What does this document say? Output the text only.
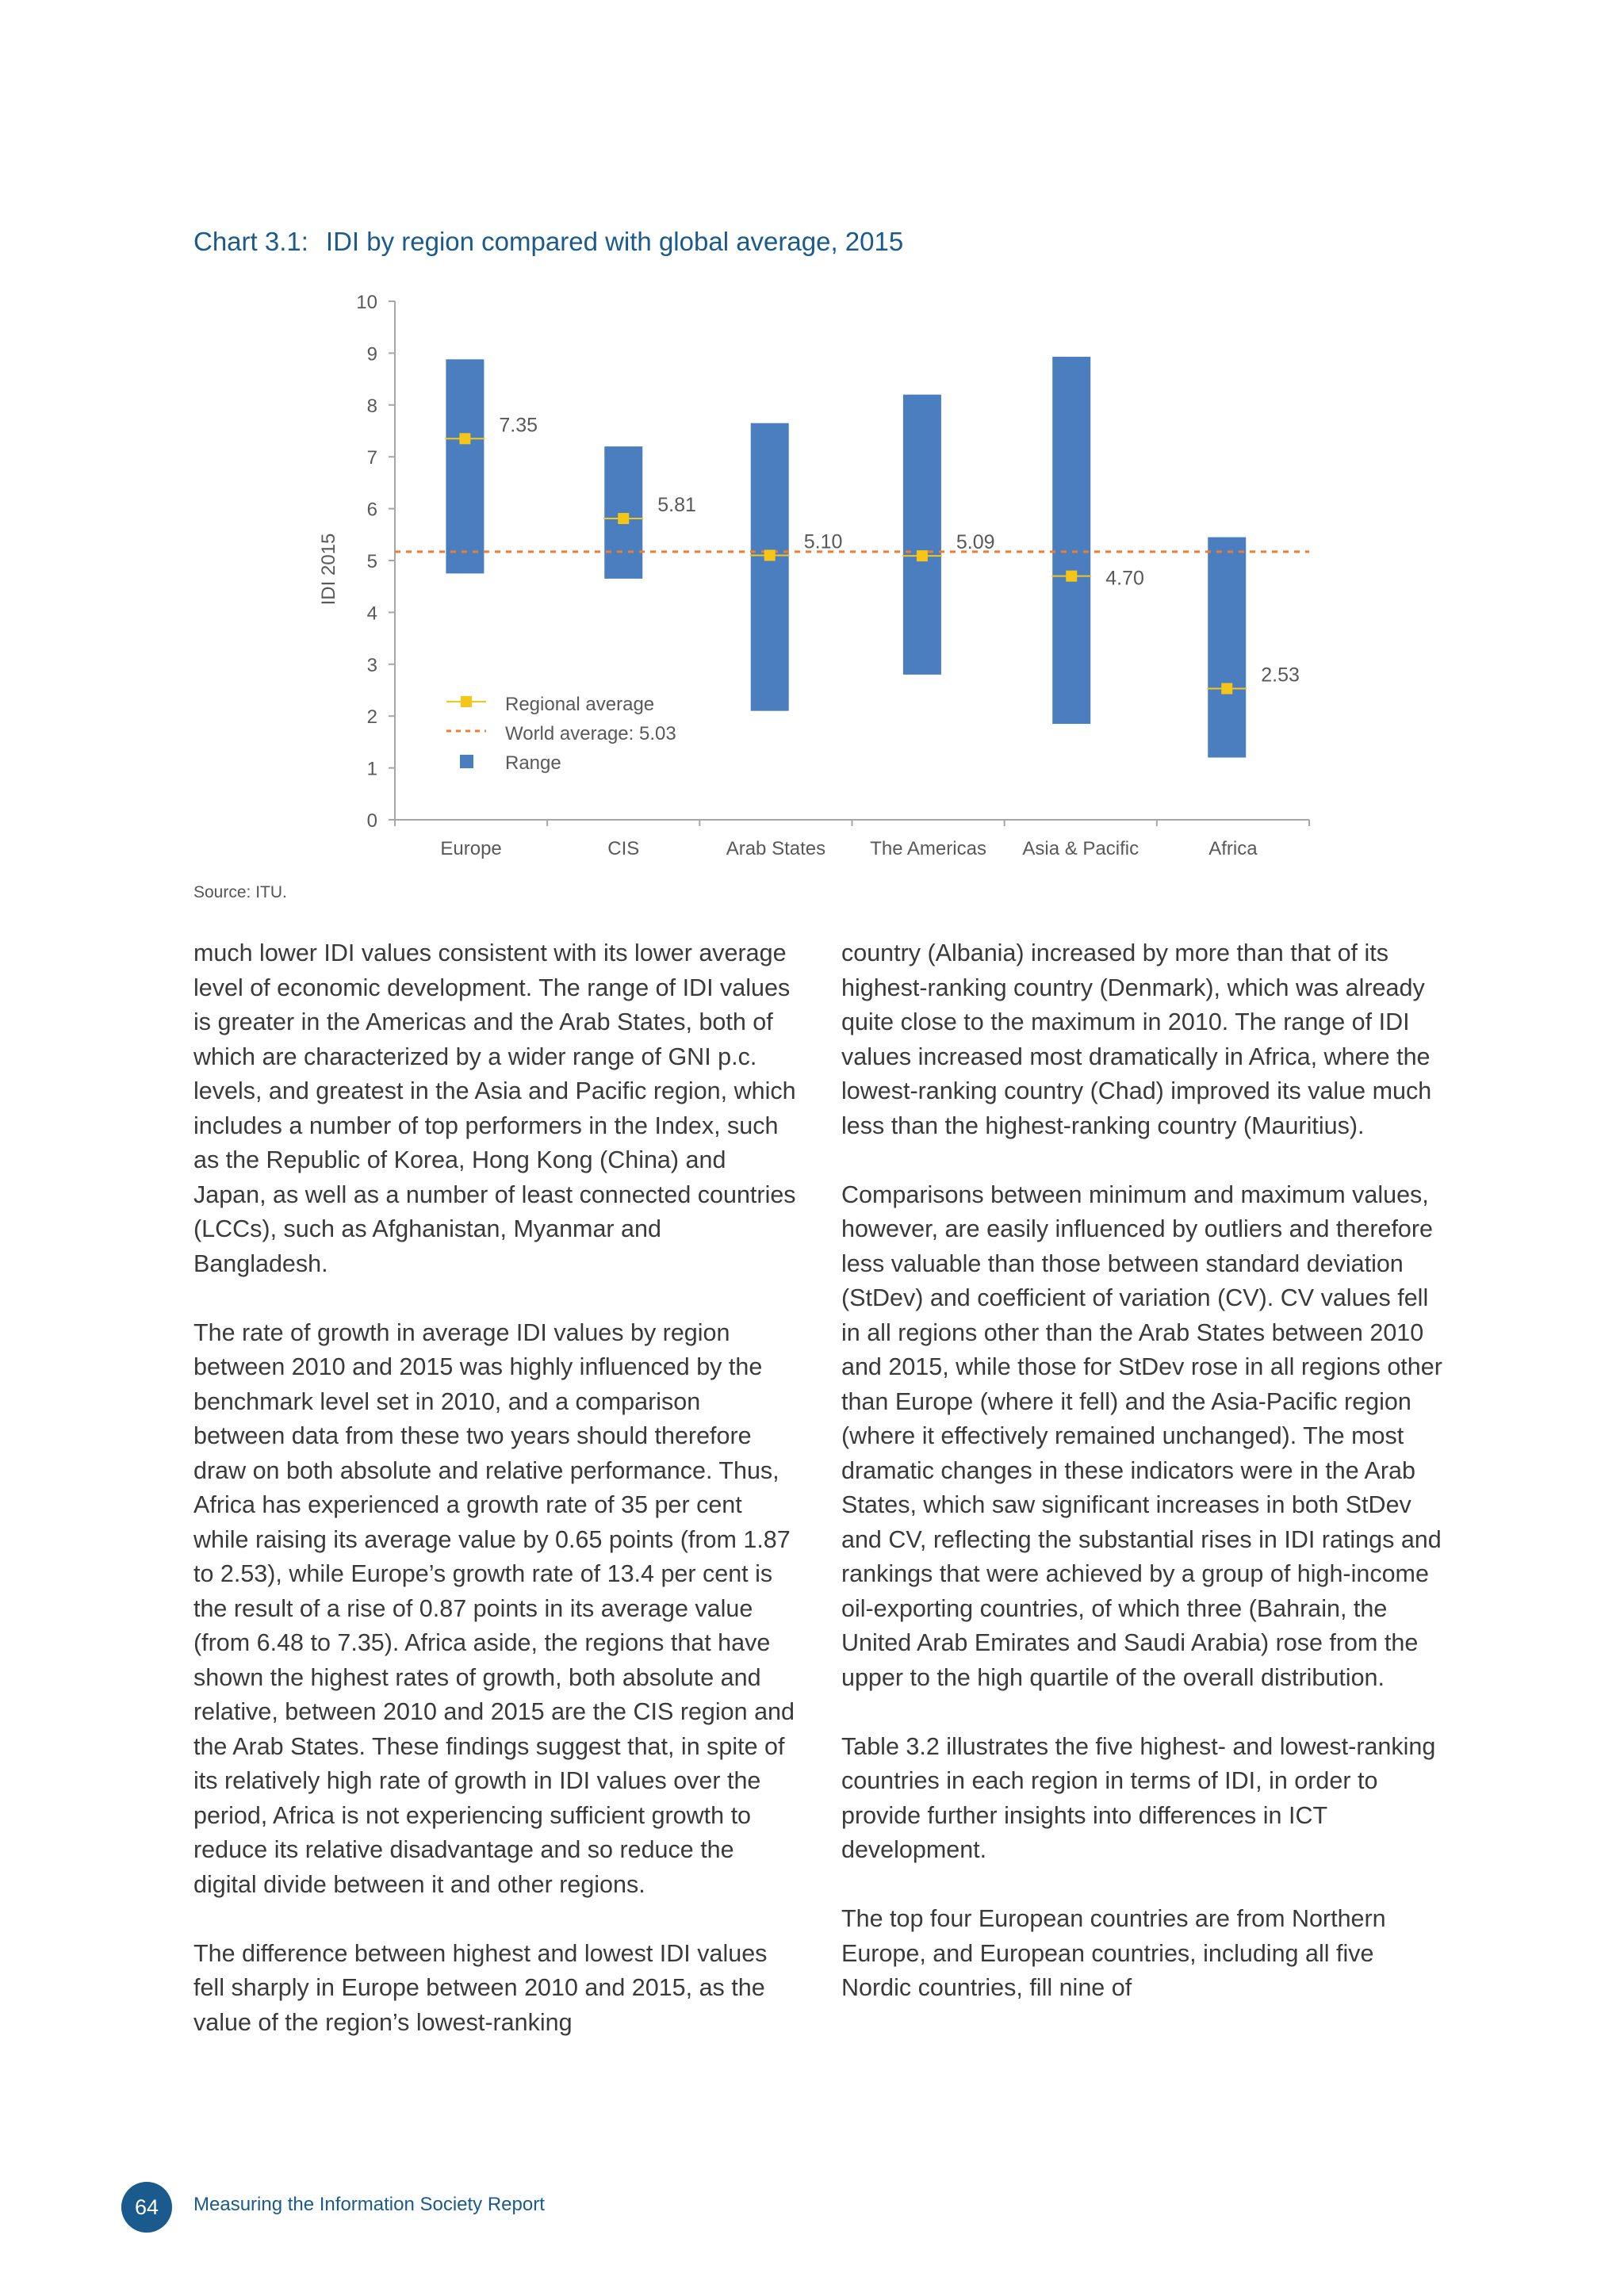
Chart 3.1: IDI by region compared with global average, 2015
0
1
2
3
4
5
6
7
8
9
10
Europe	CIS	Arab States The Americas Asia & Pacific	Africa
7.35
5.81
5.10	5.09
4.70
2.53
Regional average
World average: 5.03
Range
IDI 2015
Source: ITU.

much lower IDI values consistent with its lower average level of economic development. The range of IDI values is greater in the Americas and the Arab States, both of which are characterized by a wider range of GNI p.c. levels, and greatest in the Asia and Pacific region, which includes a number of top performers in the Index, such as the Republic of Korea, Hong Kong (China) and Japan, as well as a number of least connected countries (LCCs), such as Afghanistan, Myanmar and Bangladesh.

The rate of growth in average IDI values by region between 2010 and 2015 was highly influenced by the benchmark level set in 2010, and a comparison between data from these two years should therefore draw on both absolute and relative performance. Thus, Africa has experienced a growth rate of 35 per cent while raising its average value by 0.65 points (from 1.87 to 2.53), while Europe’s growth rate of 13.4 per cent is the result of a rise of 0.87 points in its average value (from 6.48 to 7.35). Africa aside, the regions that have shown the highest rates of growth, both absolute and relative, between 2010 and 2015 are the CIS region and the Arab States. These findings suggest that, in spite of its relatively high rate of growth in IDI values over the period, Africa is not experiencing sufficient growth to reduce its relative disadvantage and so reduce the digital divide between it and other regions.

The difference between highest and lowest IDI values fell sharply in Europe between 2010 and 2015, as the value of the region’s lowest-ranking

country (Albania) increased by more than that of its highest-ranking country (Denmark), which was already quite close to the maximum in 2010. The range of IDI values increased most dramatically in Africa, where the lowest-ranking country (Chad) improved its value much less than the highest-ranking country (Mauritius).

Comparisons between minimum and maximum values, however, are easily influenced by outliers and therefore less valuable than those between standard deviation (StDev) and coefficient of variation (CV). CV values fell in all regions other than the Arab States between 2010 and 2015, while those for StDev rose in all regions other than Europe (where it fell) and the Asia-Pacific region (where it effectively remained unchanged). The most dramatic changes in these indicators were in the Arab States, which saw significant increases in both StDev and CV, reflecting the substantial rises in IDI ratings and rankings that were achieved by a group of high-income oil-exporting countries, of which three (Bahrain, the United Arab Emirates and Saudi Arabia) rose from the upper to the high quartile of the overall distribution.

Table 3.2 illustrates the five highest- and lowest-ranking countries in each region in terms of IDI, in order to provide further insights into differences in ICT development.

The top four European countries are from Northern Europe, and European countries, including all five Nordic countries, fill nine of

64	Measuring the Information Society Report
